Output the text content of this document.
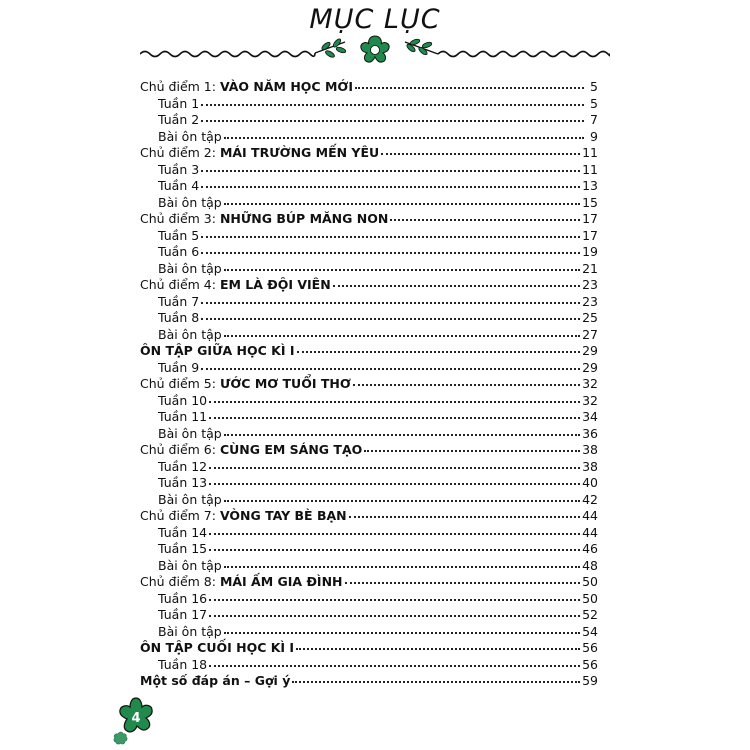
MỤC LỤC
Chủ điểm 1: VÀO NĂM HỌC MỚI	5
Tuần 1	5
Tuần 2	7
Bài ôn tập	9
Chủ điểm 2: MÁI TRƯỜNG MẾN YÊU	11
Tuần 3	11
Tuần 4	13
Bài ôn tập	15
Chủ điểm 3: NHỮNG BÚP MĂNG NON	17
Tuần 5	17
Tuần 6	19
Bài ôn tập	21
Chủ điểm 4: EM LÀ ĐỘI VIÊN	23
Tuần 7	23
Tuần 8	25
Bài ôn tập	27
ÔN TẬP GIỮA HỌC KÌ I	29
Tuần 9	29
Chủ điểm 5: ƯỚC MƠ TUỔI THƠ	32
Tuần 10	32
Tuần 11	34
Bài ôn tập	36
Chủ điểm 6: CÙNG EM SÁNG TẠO	38
Tuần 12	38
Tuần 13	40
Bài ôn tập	42
Chủ điểm 7: VÒNG TAY BÈ BẠN	44
Tuần 14	44
Tuần 15	46
Bài ôn tập	48
Chủ điểm 8: MÁI ẤM GIA ĐÌNH	50
Tuần 16	50
Tuần 17	52
Bài ôn tập	54
ÔN TẬP CUỐI HỌC KÌ I	56
Tuần 18	56
Một số đáp án – Gợi ý	59
4
